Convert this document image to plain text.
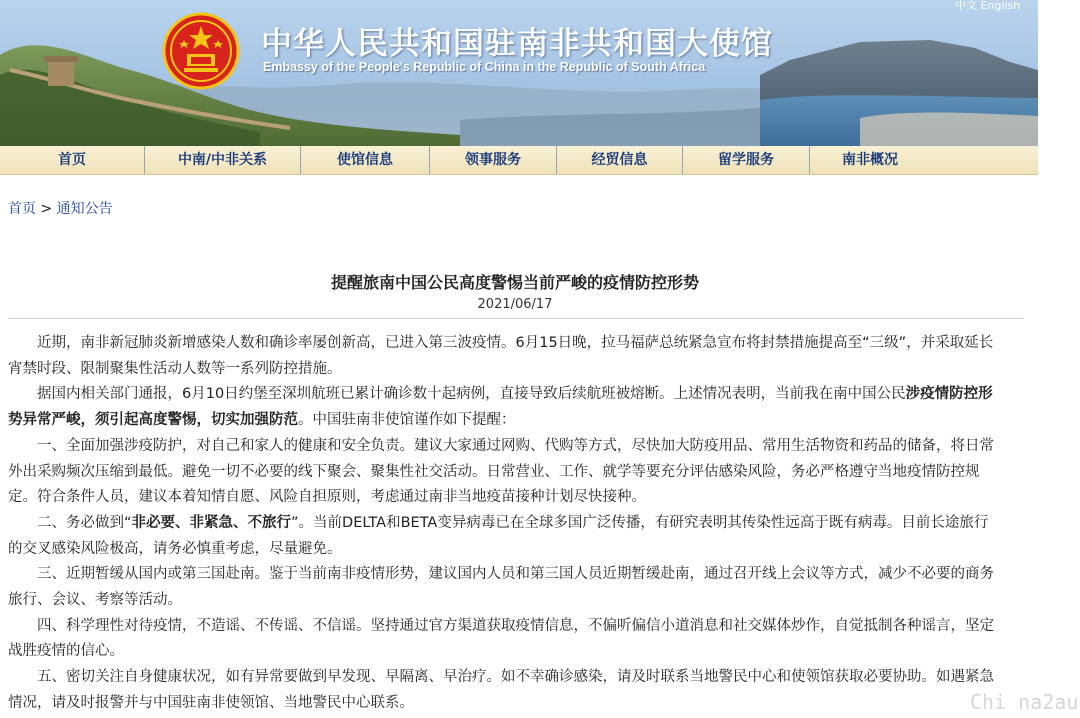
中华人民共和国驻南非共和国大使馆
Embassy of the People's Republic of China in the Republic of South Africa
中文 English
首页	中南/中非关系	使馆信息	领事服务	经贸信息	留学服务	南非概况
首页 > 通知公告
提醒旅南中国公民高度警惕当前严峻的疫情防控形势
2021/06/17

近期，南非新冠肺炎新增感染人数和确诊率屡创新高，已进入第三波疫情。6月15日晚，拉马福萨总统紧急宣布将封禁措施提高至“三级”，并采取延长宵禁时段、限制聚集性活动人数等一系列防控措施。

据国内相关部门通报，6月10日约堡至深圳航班已累计确诊数十起病例，直接导致后续航班被熔断。上述情况表明，当前我在南中国公民涉疫情防控形势异常严峻，须引起高度警惕，切实加强防范。中国驻南非使馆谨作如下提醒：

一、全面加强涉疫防护，对自己和家人的健康和安全负责。建议大家通过网购、代购等方式，尽快加大防疫用品、常用生活物资和药品的储备，将日常外出采购频次压缩到最低。避免一切不必要的线下聚会、聚集性社交活动。日常营业、工作、就学等要充分评估感染风险，务必严格遵守当地疫情防控规定。符合条件人员，建议本着知情自愿、风险自担原则，考虑通过南非当地疫苗接种计划尽快接种。

二、务必做到“非必要、非紧急、不旅行”。当前DELTA和BETA变异病毒已在全球多国广泛传播，有研究表明其传染性远高于既有病毒。目前长途旅行的交叉感染风险极高，请务必慎重考虑，尽量避免。

三、近期暂缓从国内或第三国赴南。鉴于当前南非疫情形势，建议国内人员和第三国人员近期暂缓赴南，通过召开线上会议等方式，减少不必要的商务旅行、会议、考察等活动。

四、科学理性对待疫情，不造谣、不传谣、不信谣。坚持通过官方渠道获取疫情信息，不偏听偏信小道消息和社交媒体炒作，自觉抵制各种谣言，坚定战胜疫情的信心。

五、密切关注自身健康状况，如有异常要做到早发现、早隔离、早治疗。如不幸确诊感染，请及时联系当地警民中心和使领馆获取必要协助。如遇紧急情况，请及时报警并与中国驻南非使领馆、当地警民中心联系。	Chi na2au
